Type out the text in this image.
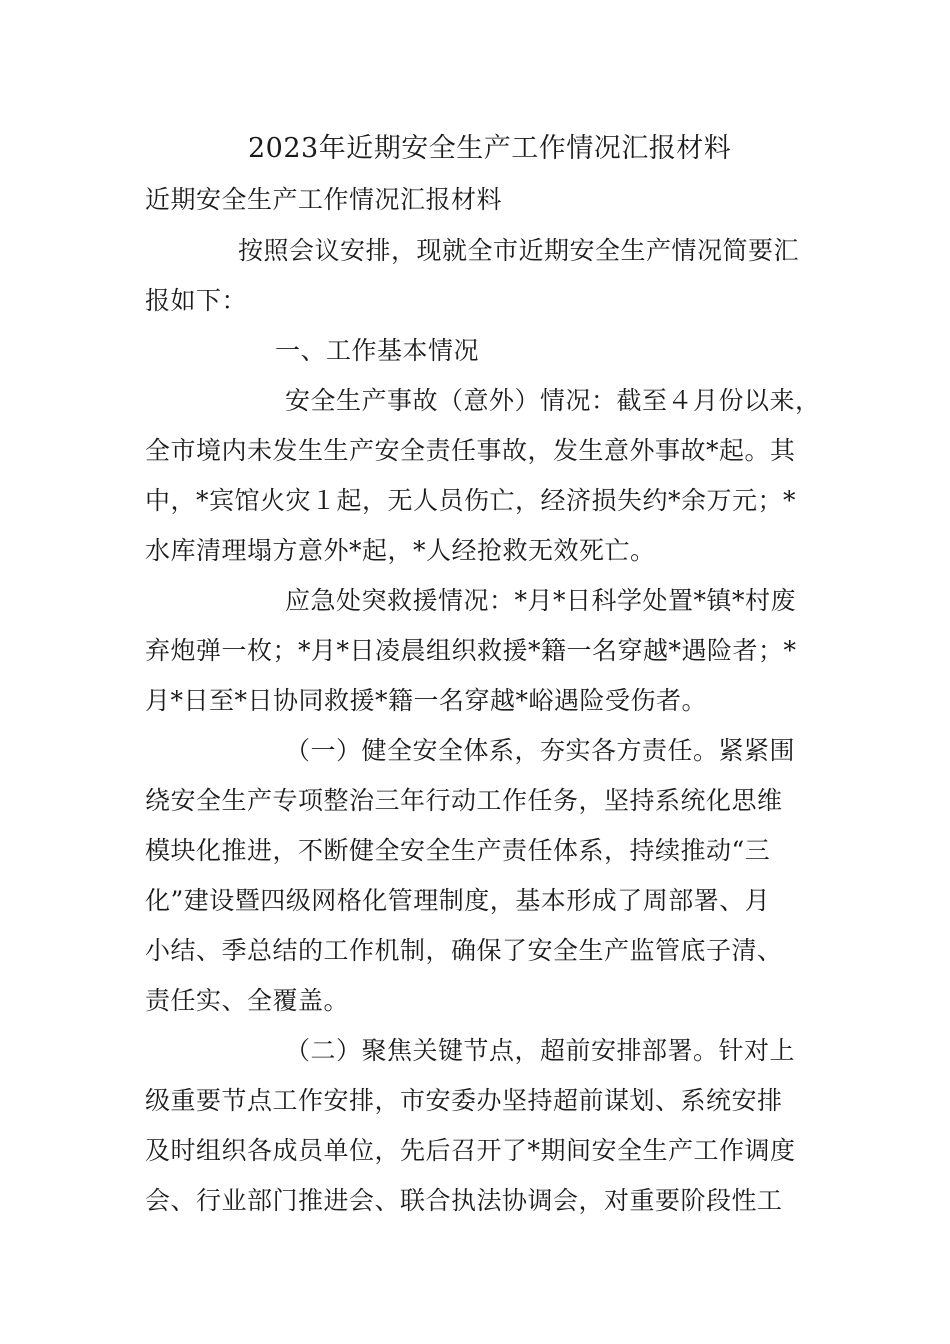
2023年近期安全生产工作情况汇报材料
近期安全生产工作情况汇报材料
按照会议安排，现就全市近期安全生产情况简要汇
报如下：
一、工作基本情况
安全生产事故（意外）情况：截至４月份以来，
全市境内未发生生产安全责任事故，发生意外事故*起。其
中，*宾馆火灾１起，无人员伤亡，经济损失约*余万元；*
水库清理塌方意外*起，*人经抢救无效死亡。
应急处突救援情况：*月*日科学处置*镇*村废
弃炮弹一枚；*月*日凌晨组织救援*籍一名穿越*遇险者；*
月*日至*日协同救援*籍一名穿越*峪遇险受伤者。
（一）健全安全体系，夯实各方责任。紧紧围
绕安全生产专项整治三年行动工作任务，坚持系统化思维
模块化推进，不断健全安全生产责任体系，持续推动“三
化”建设暨四级网格化管理制度，基本形成了周部署、月
小结、季总结的工作机制，确保了安全生产监管底子清、
责任实、全覆盖。
（二）聚焦关键节点，超前安排部署。针对上
级重要节点工作安排，市安委办坚持超前谋划、系统安排
及时组织各成员单位，先后召开了*期间安全生产工作调度
会、行业部门推进会、联合执法协调会，对重要阶段性工
